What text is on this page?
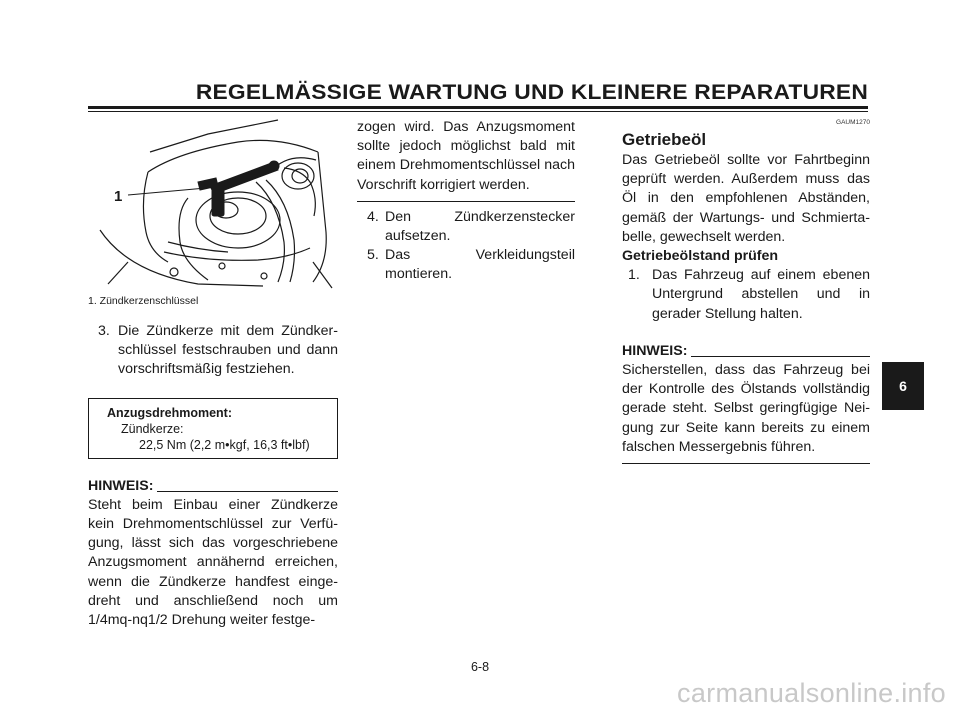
REGELMÄSSIGE WARTUNG UND KLEINERE REPARATUREN
1
1. Zündkerzenschlüssel
3. Die Zündkerze mit dem Zündkerschlüssel festschrauben und dann vorschriftsmäßig festziehen.
Anzugsdrehmoment:
Zündkerze:
22,5 Nm (2,2 m•kgf, 16,3 ft•lbf)
HINWEIS:

Steht beim Einbau einer Zündkerze kein Drehmomentschlüssel zur Verfügung, lässt sich das vorgeschriebene Anzugsmoment annähernd erreichen, wenn die Zündkerze handfest eingedreht und anschließend noch um 1/4mq-nq1/2 Drehung weiter festge-

zogen wird. Das Anzugsmoment sollte jedoch möglichst bald mit einem Drehmomentschlüssel nach Vorschrift korrigiert werden.

4. Den Zündkerzenstecker aufsetzen.
5. Das Verkleidungsteil montieren.
GAUM1270
Getriebeöl

Das Getriebeöl sollte vor Fahrtbeginn geprüft werden. Außerdem muss das Öl in den empfohlenen Abständen, gemäß der Wartungs- und Schmiertabelle, gewechselt werden.

Getriebeölstand prüfen
1. Das Fahrzeug auf einem ebenen Untergrund abstellen und in gerader Stellung halten.
HINWEIS:

Sicherstellen, dass das Fahrzeug bei der Kontrolle des Ölstands vollständig gerade steht. Selbst geringfügige Neigung zur Seite kann bereits zu einem falschen Messergebnis führen.

6
6-8
carmanualsonline.info
